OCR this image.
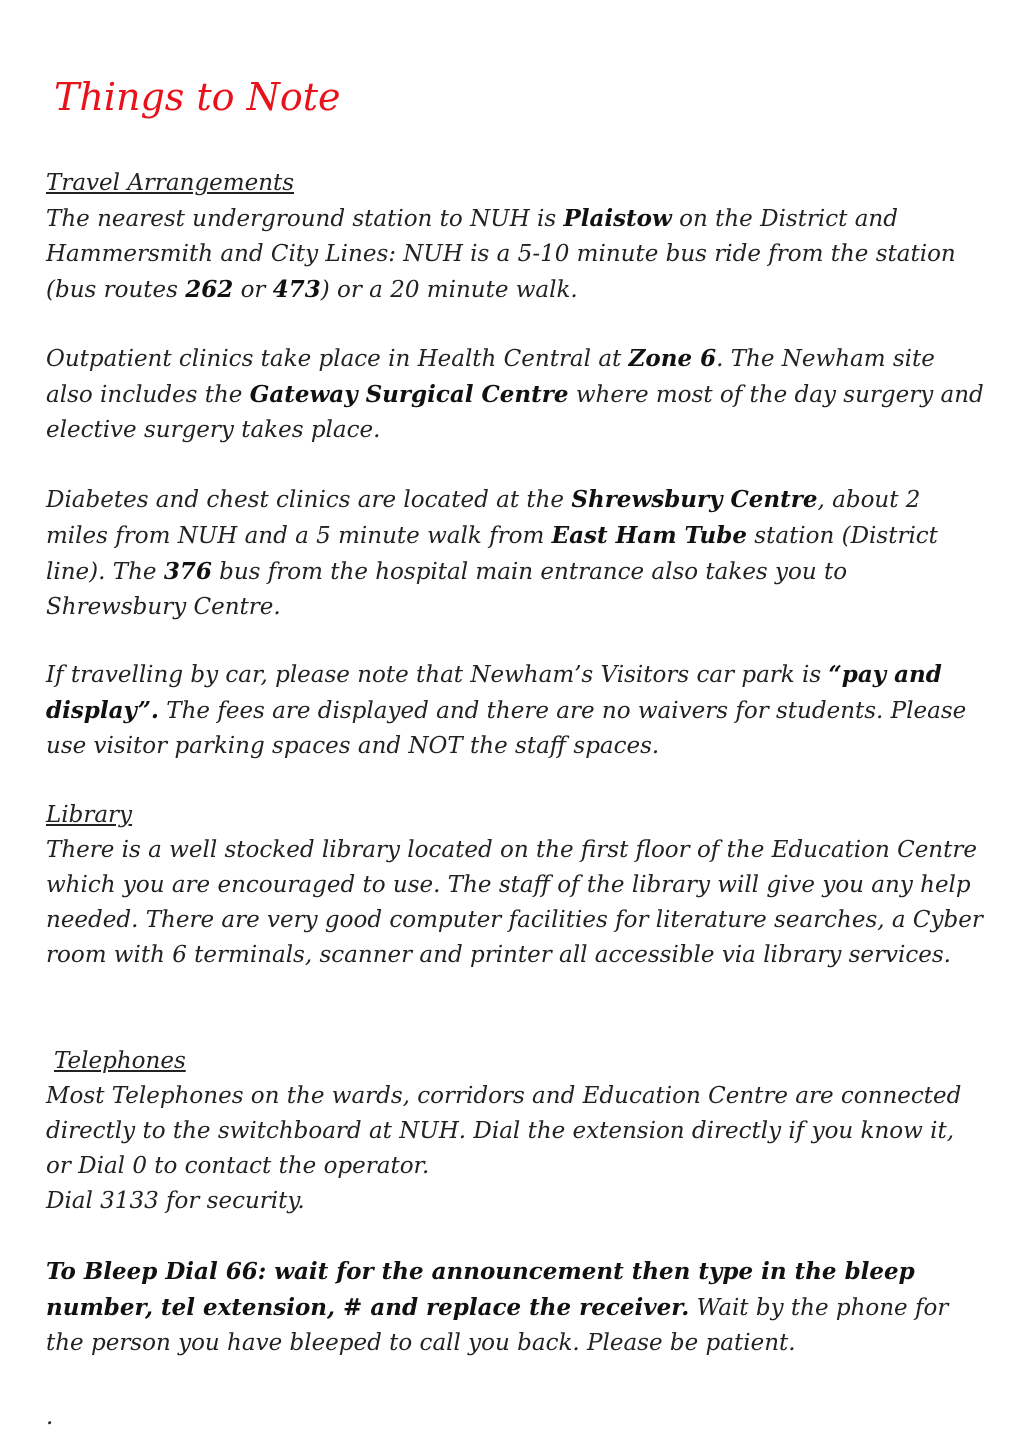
Things to Note

Travel Arrangements
The nearest underground station to NUH is Plaistow on the District and Hammersmith and City Lines: NUH is a 5-10 minute bus ride from the station (bus routes 262 or 473) or a 20 minute walk.

Outpatient clinics take place in Health Central at Zone 6. The Newham site also includes the Gateway Surgical Centre where most of the day surgery and elective surgery takes place.

Diabetes and chest clinics are located at the Shrewsbury Centre, about 2 miles from NUH and a 5 minute walk from East Ham Tube station (District line). The 376 bus from the hospital main entrance also takes you to Shrewsbury Centre.

If travelling by car, please note that Newham’s Visitors car park is “pay and display”. The fees are displayed and there are no waivers for students. Please use visitor parking spaces and NOT the staff spaces.

Library
There is a well stocked library located on the first floor of the Education Centre which you are encouraged to use. The staff of the library will give you any help needed. There are very good computer facilities for literature searches, a Cyber room with 6 terminals, scanner and printer all accessible via library services.

Telephones
Most Telephones on the wards, corridors and Education Centre are connected directly to the switchboard at NUH. Dial the extension directly if you know it, or Dial 0 to contact the operator.
Dial 3133 for security.

To Bleep Dial 66: wait for the announcement then type in the bleep number, tel extension, # and replace the receiver. Wait by the phone for the person you have bleeped to call you back. Please be patient.

.
